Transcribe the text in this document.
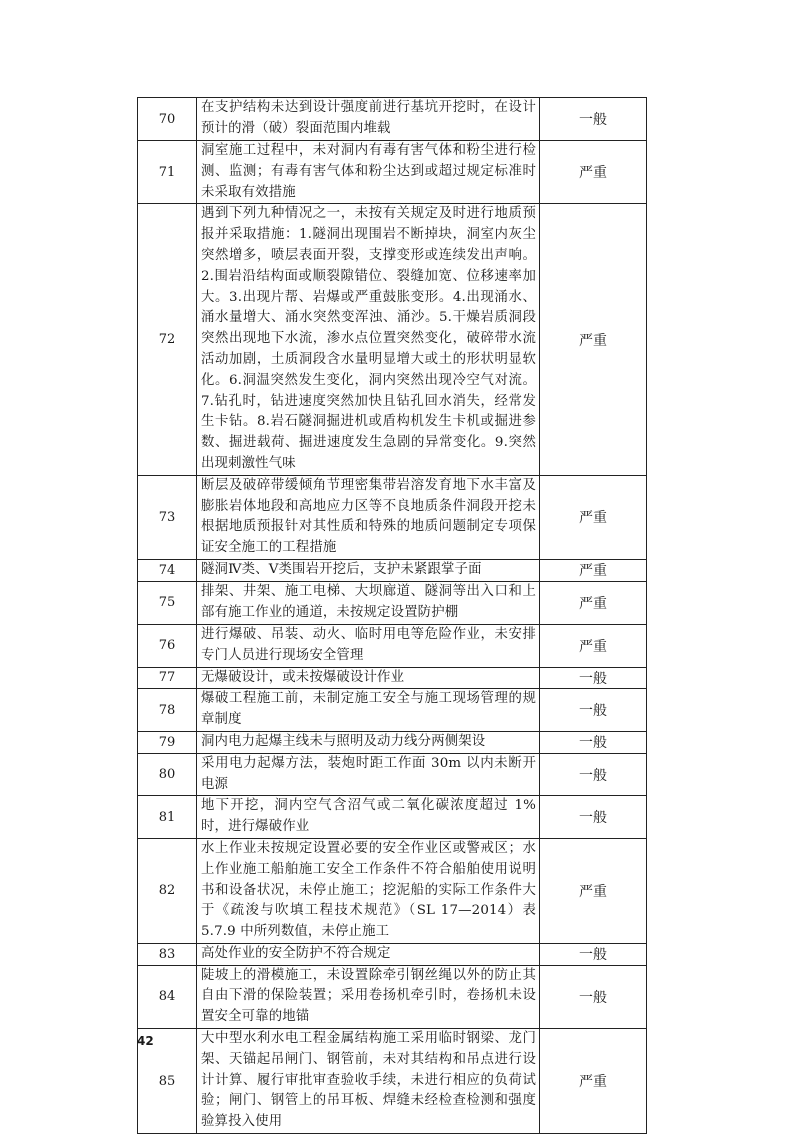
70	在支护结构未达到设计强度前进行基坑开挖时，在设计预计的滑（破）裂面范围内堆载	一般
71	洞室施工过程中，未对洞内有毒有害气体和粉尘进行检测、监测；有毒有害气体和粉尘达到或超过规定标准时未采取有效措施	严重
72	遇到下列九种情况之一，未按有关规定及时进行地质预报并采取措施：1.隧洞出现围岩不断掉块，洞室内灰尘突然增多，喷层表面开裂，支撑变形或连续发出声响。2.围岩沿结构面或顺裂隙错位、裂缝加宽、位移速率加大。3.出现片帮、岩爆或严重鼓胀变形。4.出现涌水、涌水量增大、涌水突然变浑浊、涌沙。5.干燥岩质洞段突然出现地下水流，渗水点位置突然变化，破碎带水流活动加剧，土质洞段含水量明显增大或土的形状明显软化。6.洞温突然发生变化，洞内突然出现冷空气对流。7.钻孔时，钻进速度突然加快且钻孔回水消失，经常发生卡钻。8.岩石隧洞掘进机或盾构机发生卡机或掘进参数、掘进载荷、掘进速度发生急剧的异常变化。9.突然出现刺激性气味	严重
73	断层及破碎带缓倾角节理密集带岩溶发育地下水丰富及膨胀岩体地段和高地应力区等不良地质条件洞段开挖未根据地质预报针对其性质和特殊的地质问题制定专项保证安全施工的工程措施	严重
74	隧洞Ⅳ类、Ⅴ类围岩开挖后，支护未紧跟掌子面	严重
75	排架、井架、施工电梯、大坝廊道、隧洞等出入口和上部有施工作业的通道，未按规定设置防护棚	严重
76	进行爆破、吊装、动火、临时用电等危险作业，未安排专门人员进行现场安全管理	严重
77	无爆破设计，或未按爆破设计作业	一般
78	爆破工程施工前，未制定施工安全与施工现场管理的规章制度	一般
79	洞内电力起爆主线未与照明及动力线分两侧架设	一般
80	采用电力起爆方法，装炮时距工作面 30m 以内未断开电源	一般
81	地下开挖，洞内空气含沼气或二氧化碳浓度超过 1%时，进行爆破作业	一般
82	水上作业未按规定设置必要的安全作业区或警戒区；水上作业施工船舶施工安全工作条件不符合船舶使用说明书和设备状况，未停止施工；挖泥船的实际工作条件大于《疏浚与吹填工程技术规范》（SL 17—2014）表 5.7.9 中所列数值，未停止施工	严重
83	高处作业的安全防护不符合规定	一般
84	陡坡上的滑模施工，未设置除牵引钢丝绳以外的防止其自由下滑的保险装置；采用卷扬机牵引时，卷扬机未设置安全可靠的地锚	一般
85	大中型水利水电工程金属结构施工采用临时钢梁、龙门架、天锚起吊闸门、钢管前，未对其结构和吊点进行设计计算、履行审批审查验收手续，未进行相应的负荷试验；闸门、钢管上的吊耳板、焊缝未经检查检测和强度验算投入使用	严重
42
